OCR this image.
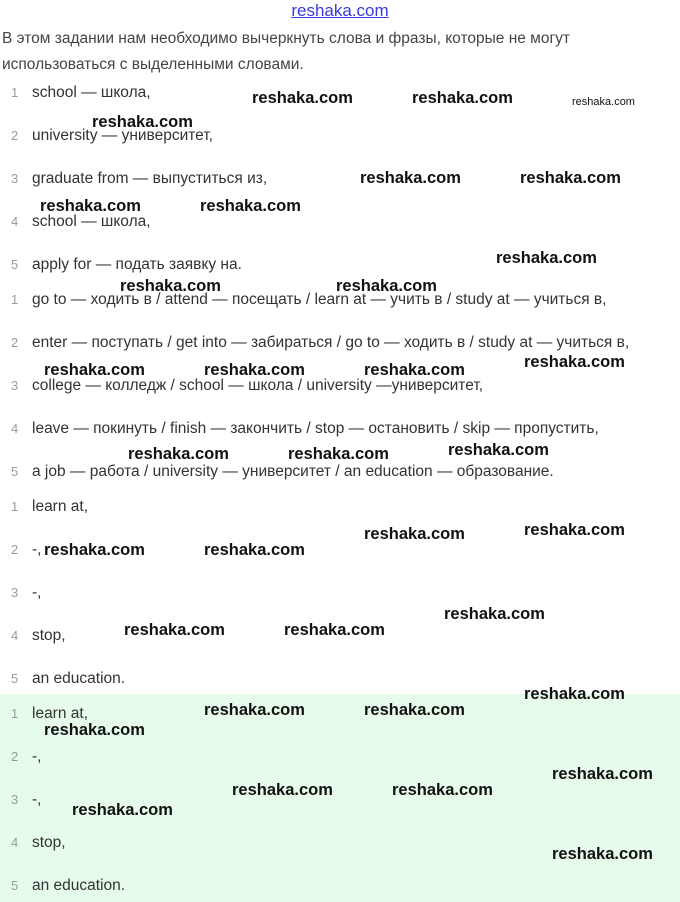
reshaka.com
В этом задании нам необходимо вычеркнуть слова и фразы, которые не могут использоваться с выделенными словами.
1 school — школа,
2 university — университет,
3 graduate from — выпуститься из,
4 school — школа,
5 apply for — подать заявку на.
1 go to — ходить в / attend — посещать / learn at — учить в / study at — учиться в,
2 enter — поступать / get into — забираться / go to — ходить в / study at — учиться в,
3 college — колледж / school — школа / university —университет,
4 leave — покинуть / finish — закончить / stop — остановить / skip — пропустить,
5 a job — работа / university — университет / an education — образование.
1 learn at,
2 -,
3 -,
4 stop,
5 an education.
1 learn at,
2 -,
3 -,
4 stop,
5 an education.
reshaka.com	reshaka.com	reshaka.com
reshaka.com
reshaka.com	reshaka.com
reshaka.com	reshaka.com
reshaka.com
reshaka.com	reshaka.com
reshaka.com
reshaka.com	reshaka.com	reshaka.com
reshaka.com
reshaka.com	reshaka.com
reshaka.com
reshaka.com
reshaka.com	reshaka.com
reshaka.com
reshaka.com	reshaka.com
reshaka.com
reshaka.com	reshaka.com
reshaka.com
reshaka.com
reshaka.com	reshaka.com
reshaka.com
reshaka.com
